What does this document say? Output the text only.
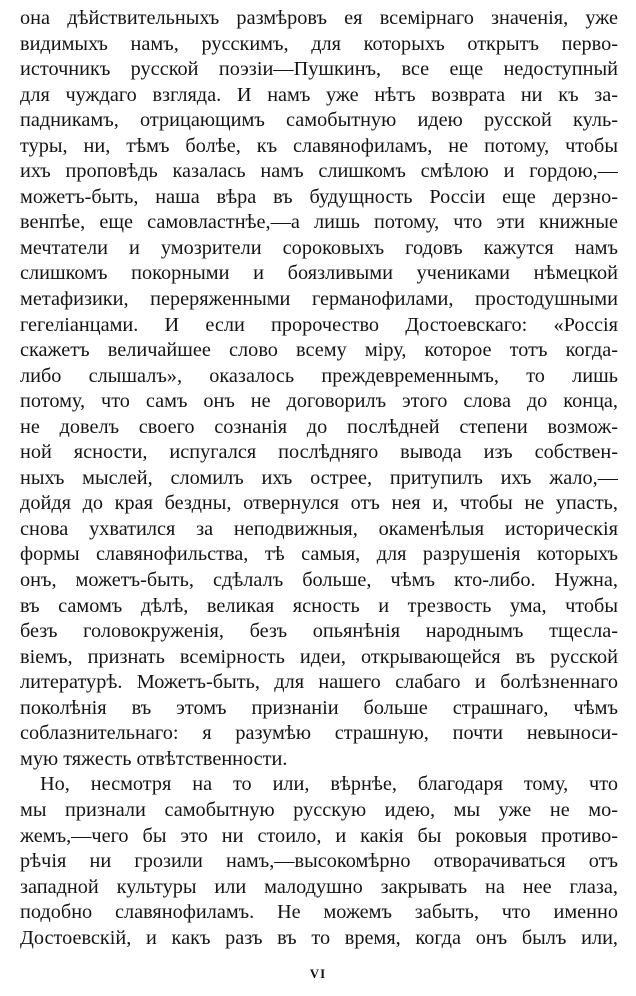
она дѣйствительныхъ размѣровъ ея всемірнаго значенія, уже
видимыхъ намъ, русскимъ, для которыхъ открытъ перво-
источникъ русской поэзіи—Пушкинъ, все еще недоступный
для чуждаго взгляда. И намъ уже нѣтъ возврата ни къ за-
падникамъ, отрицающимъ самобытную идею русской куль-
туры, ни, тѣмъ болѣе, къ славянофиламъ, не потому, чтобы
ихъ проповѣдь казалась намъ слишкомъ смѣлою и гордою,—
можетъ-быть, наша вѣра въ будущность Россіи еще дерзно-
венпѣе, еще самовластнѣе,—а лишь потому, что эти книжные
мечтатели и умозрители сороковыхъ годовъ кажутся намъ
слишкомъ покорными и боязливыми учениками нѣмецкой
метафизики, переряженными германофилами, простодушными
гегеліанцами. И если пророчество Достоевскаго: «Россія
скажетъ величайшее слово всему міру, которое тотъ когда-
либо слышалъ», оказалось преждевременнымъ, то лишь
потому, что самъ онъ не договорилъ этого слова до конца,
не довелъ своего сознанія до послѣдней степени возмож-
ной ясности, испугался послѣдняго вывода изъ собствен-
ныхъ мыслей, сломилъ ихъ острее, притупилъ ихъ жало,—
дойдя до края бездны, отвернулся отъ нея и, чтобы не упасть,
снова ухватился за неподвижныя, окаменѣлыя историческія
формы славянофильства, тѣ самыя, для разрушенія которыхъ
онъ, можетъ-быть, сдѣлалъ больше, чѣмъ кто-либо. Нужна,
въ самомъ дѣлѣ, великая ясность и трезвость ума, чтобы
безъ головокруженія, безъ опьянѣнія народнымъ тщесла-
віемъ, признать всемірность идеи, открывающейся въ русской
литературѣ. Можетъ-быть, для нашего слабаго и болѣзненнаго
поколѣнія въ этомъ признаніи больше страшнаго, чѣмъ
соблазнительнаго: я разумѣю страшную, почти невыноси-
мую тяжесть отвѣтственности.
Но, несмотря на то или, вѣрнѣе, благодаря тому, что
мы признали самобытную русскую идею, мы уже не мо-
жемъ,—чего бы это ни стоило, и какія бы роковыя противо-
рѣчія ни грозили намъ,—высокомѣрно отворачиваться отъ
западной культуры или малодушно закрывать на нее глаза,
подобно славянофиламъ. Не можемъ забыть, что именно
Достоевскій, и какъ разъ въ то время, когда онъ былъ или,
VI
